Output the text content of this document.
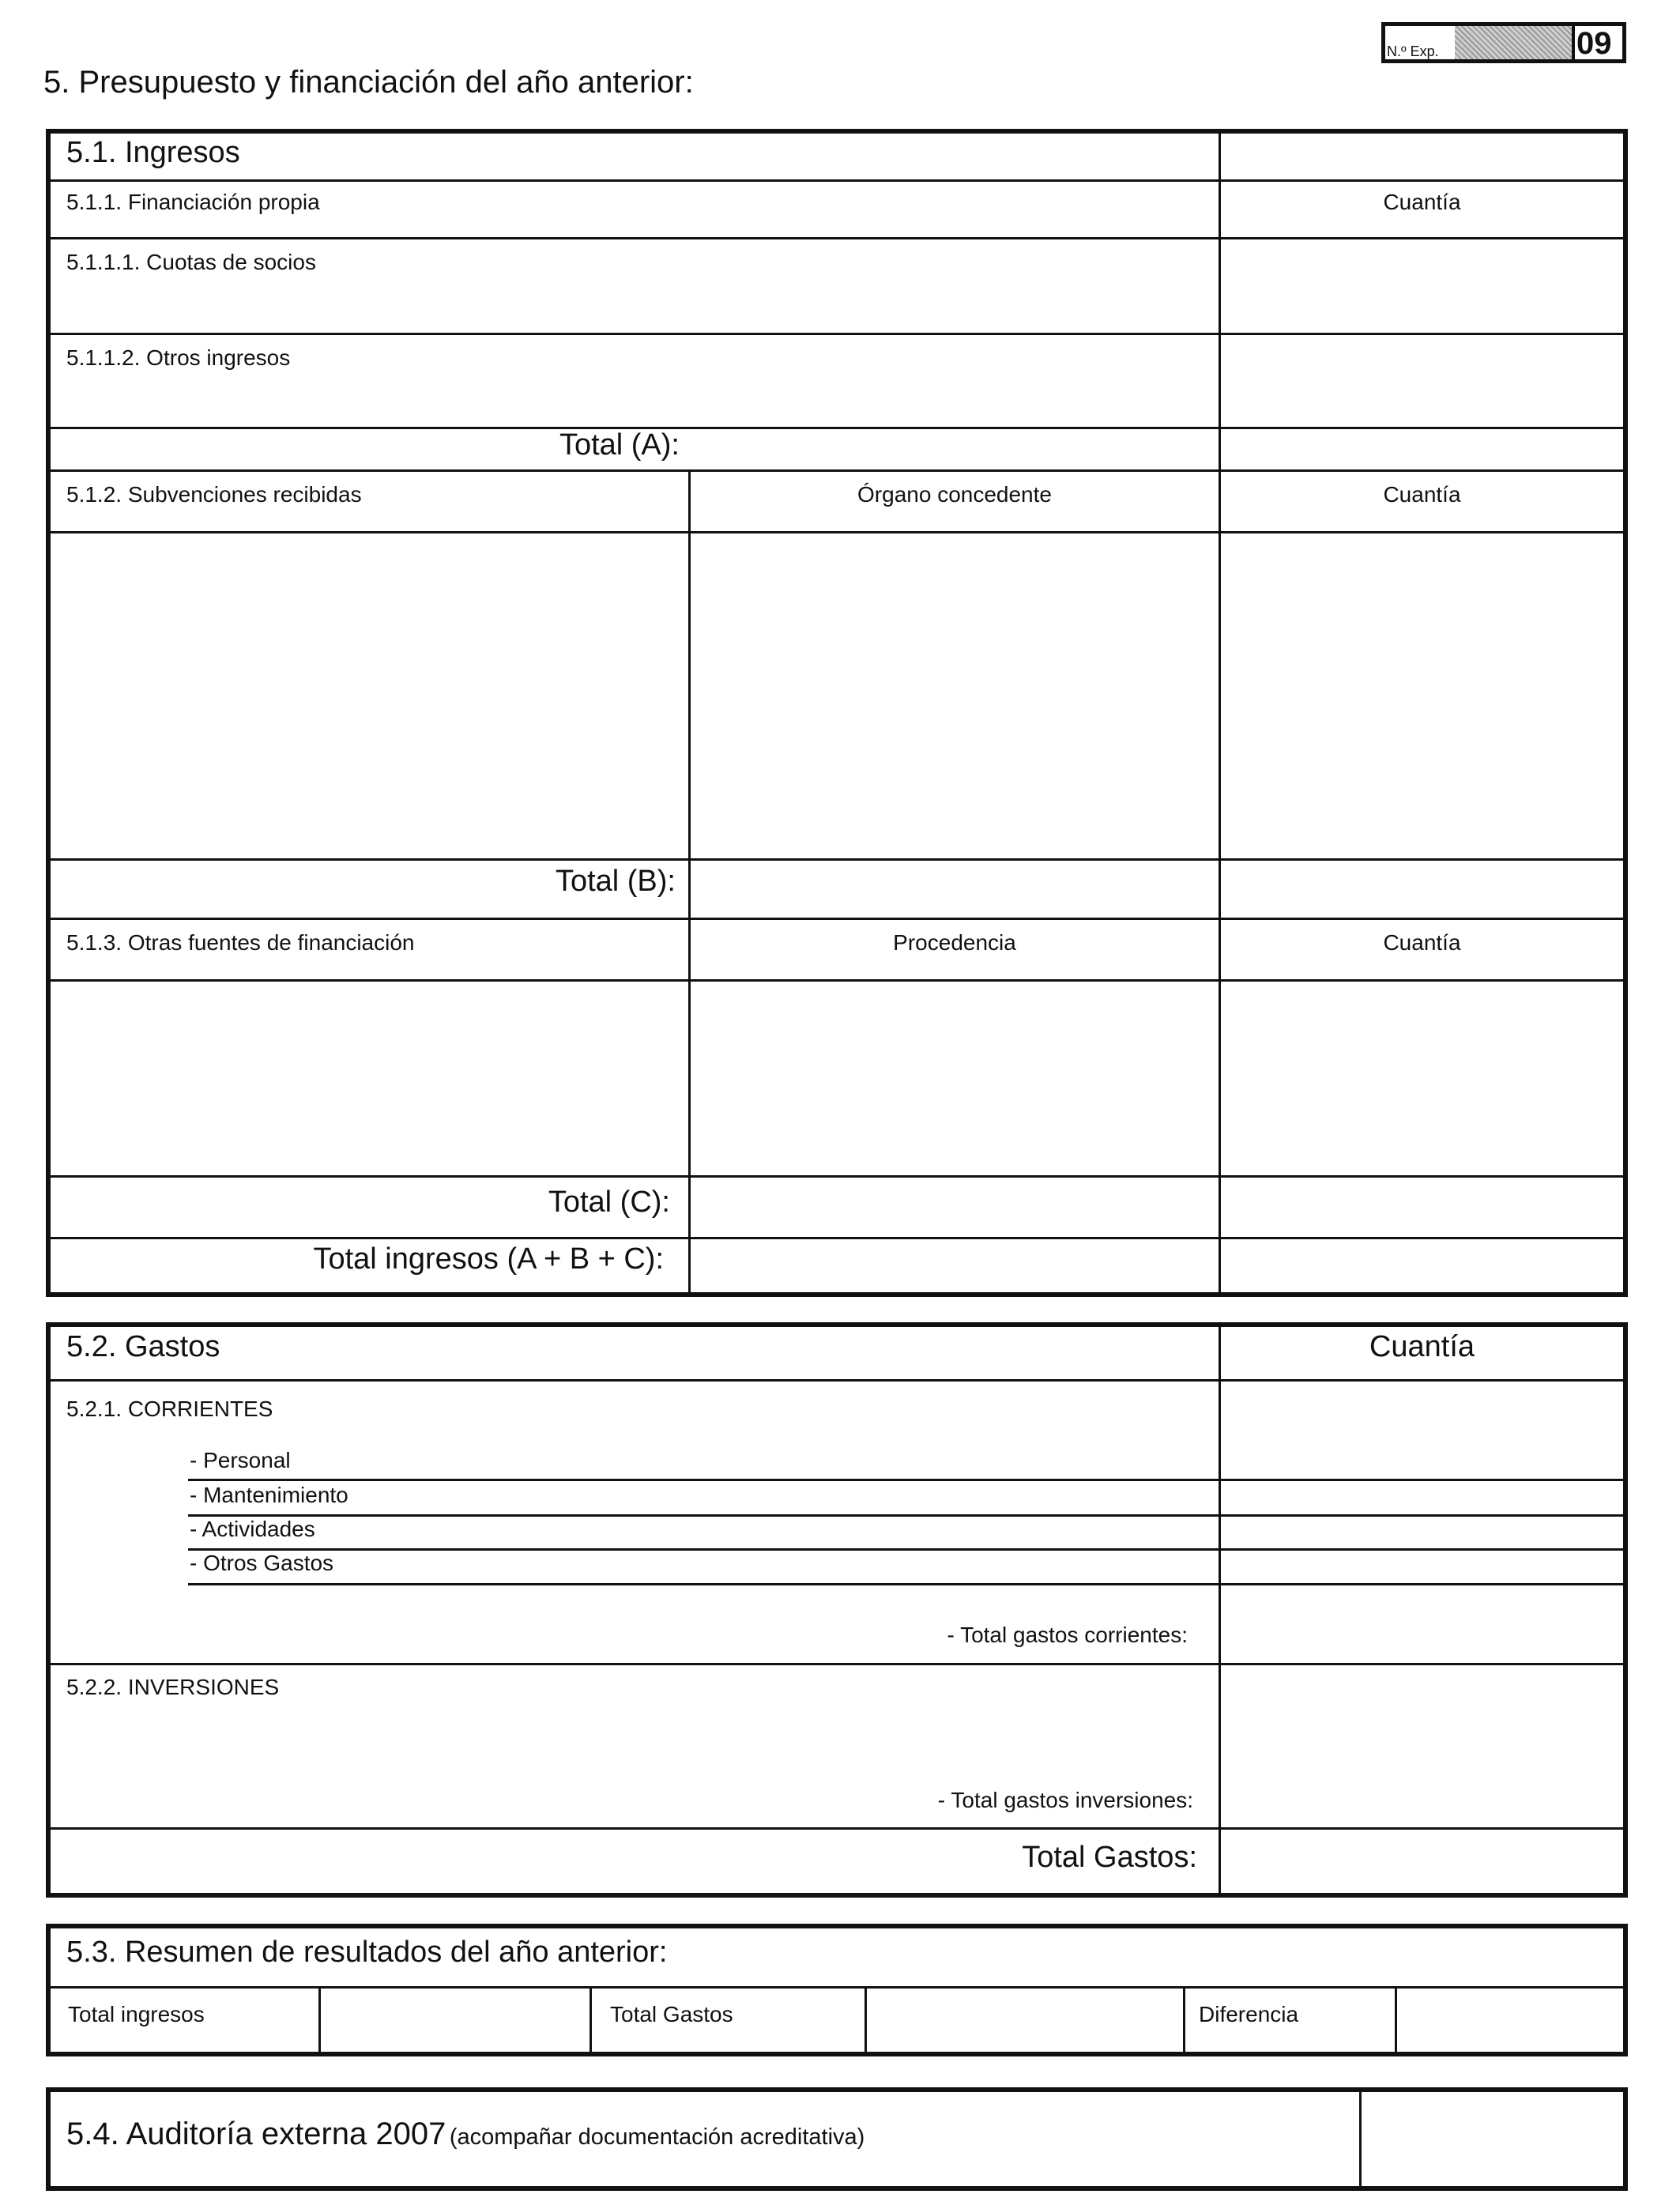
N.º Exp.	09
5. Presupuesto y financiación del año anterior:
5.1. Ingresos
5.1.1. Financiación propia	Cuantía
5.1.1.1. Cuotas de socios
5.1.1.2. Otros ingresos
Total (A):
5.1.2. Subvenciones recibidas	Órgano concedente	Cuantía
Total (B):
5.1.3. Otras fuentes de financiación	Procedencia	Cuantía
Total (C):
Total ingresos (A + B + C):
5.2. Gastos	Cuantía
5.2.1. CORRIENTES
- Personal
- Mantenimiento
- Actividades
- Otros Gastos
- Total gastos corrientes:
5.2.2. INVERSIONES
- Total gastos inversiones:
Total Gastos:
5.3. Resumen de resultados del año anterior:
Total ingresos	Total Gastos	Diferencia
5.4. Auditoría externa 2007 (acompañar documentación acreditativa)
